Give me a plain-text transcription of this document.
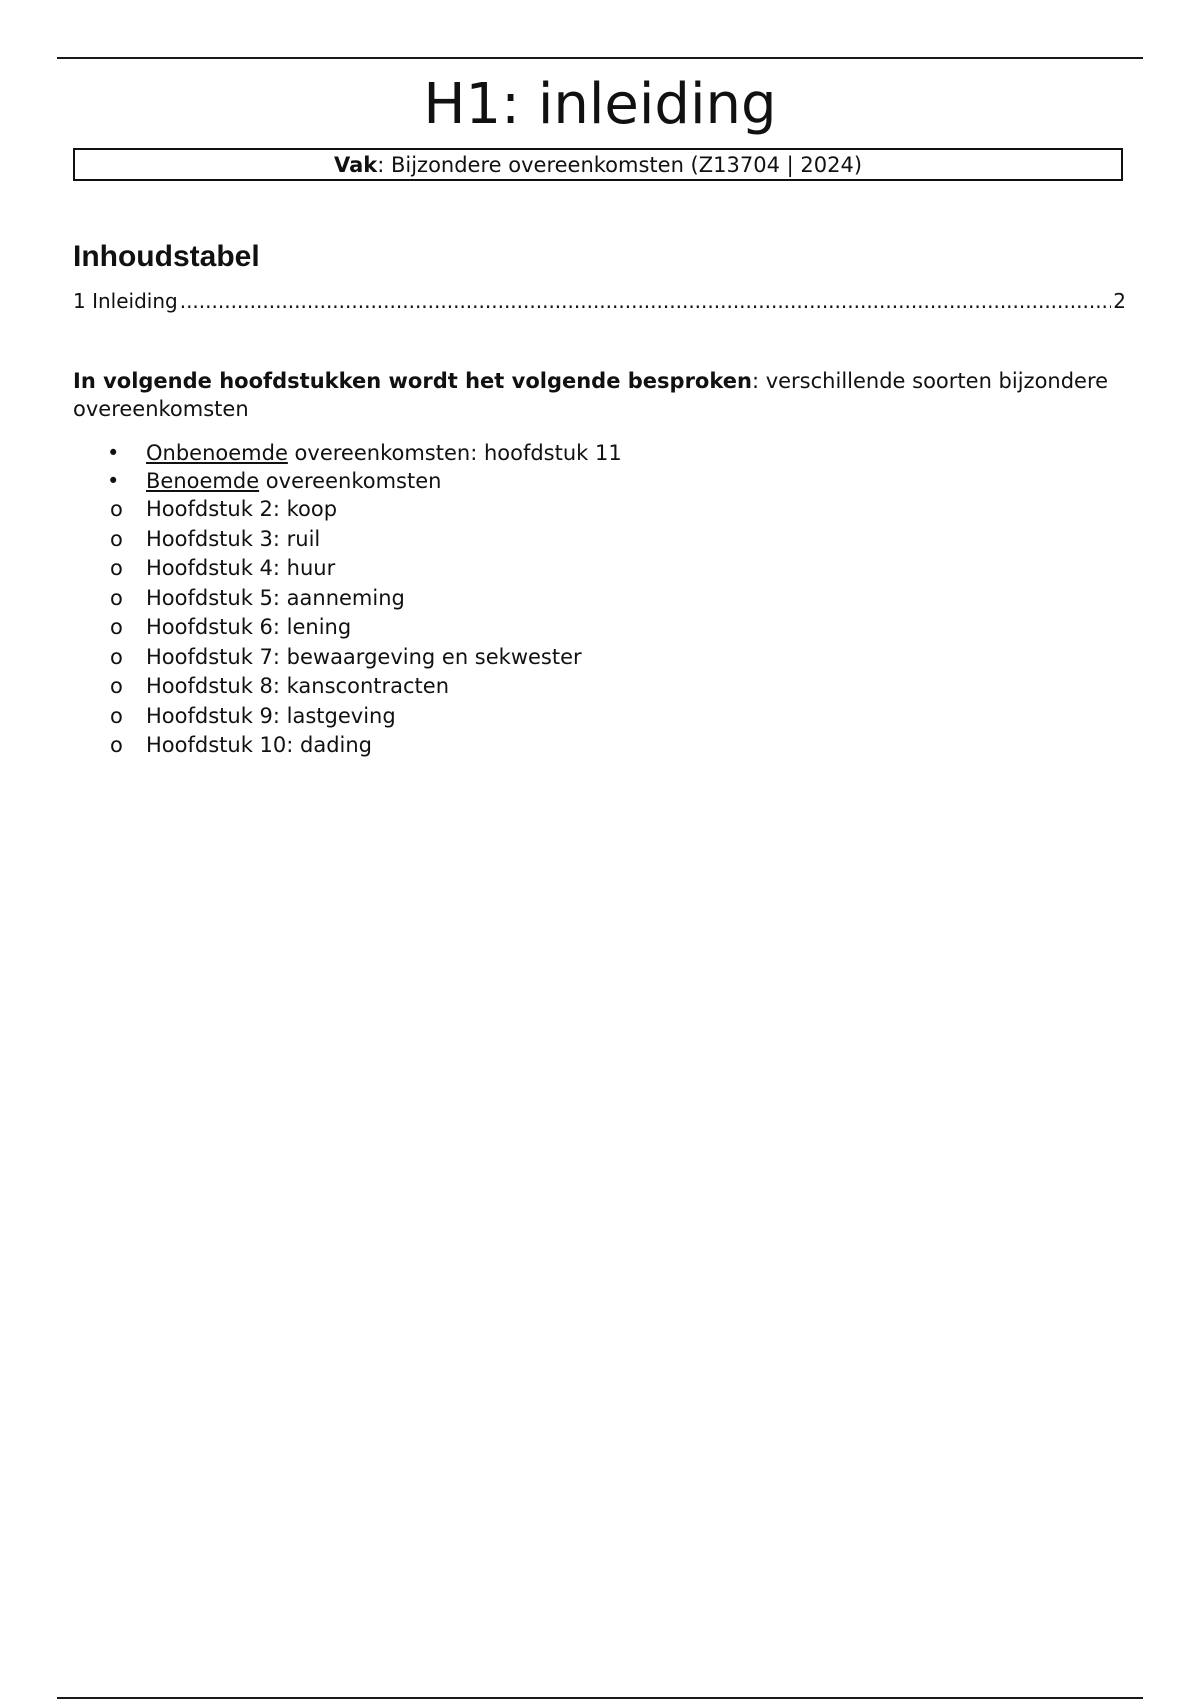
H1: inleiding
Vak: Bijzondere overeenkomsten (Z13704 | 2024)
Inhoudstabel
1
Inleiding
.....	2

In volgende hoofdstukken wordt het volgende besproken: verschillende soorten bijzondere overeenkomsten

•	Onbenoemde overeenkomsten: hoofdstuk 11
•	Benoemde overeenkomsten
o	Hoofdstuk 2: koop
o	Hoofdstuk 3: ruil
o	Hoofdstuk 4: huur
o	Hoofdstuk 5: aanneming
o	Hoofdstuk 6: lening
o	Hoofdstuk 7: bewaargeving en sekwester
o	Hoofdstuk 8: kanscontracten
o	Hoofdstuk 9: lastgeving
o	Hoofdstuk 10: dading
